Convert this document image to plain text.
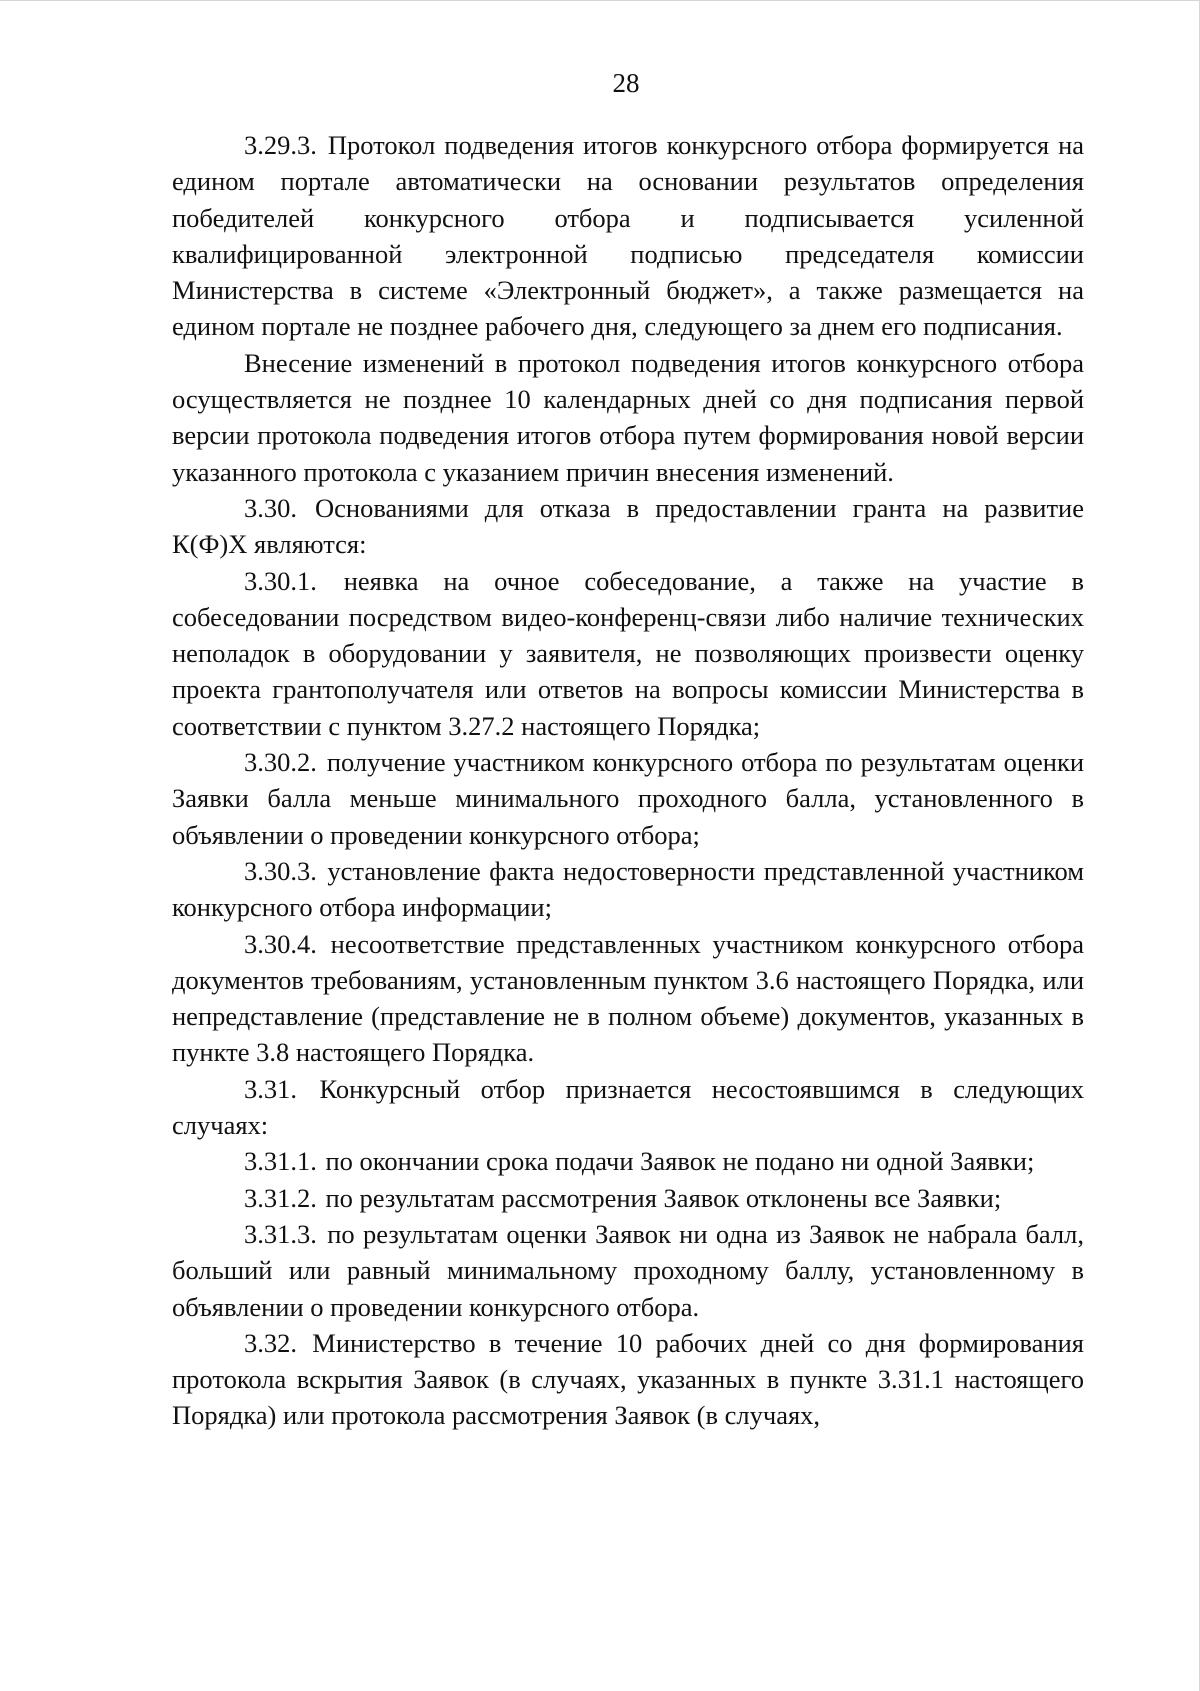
28

3.29.3. Протокол подведения итогов конкурсного отбора формируется на едином портале автоматически на основании результатов определения победителей конкурсного отбора и подписывается усиленной квалифицированной электронной подписью председателя комиссии Министерства в системе «Электронный бюджет», а также размещается на едином портале не позднее рабочего дня, следующего за днем его подписания.

Внесение изменений в протокол подведения итогов конкурсного отбора осуществляется не позднее 10 календарных дней со дня подписания первой версии протокола подведения итогов отбора путем формирования новой версии указанного протокола с указанием причин внесения изменений.

3.30. Основаниями для отказа в предоставлении гранта на развитие К(Ф)Х являются:

3.30.1. неявка на очное собеседование, а также на участие в собеседовании посредством видео-конференц-связи либо наличие технических неполадок в оборудовании у заявителя, не позволяющих произвести оценку проекта грантополучателя или ответов на вопросы комиссии Министерства в соответствии с пунктом 3.27.2 настоящего Порядка;

3.30.2. получение участником конкурсного отбора по результатам оценки Заявки балла меньше минимального проходного балла, установленного в объявлении о проведении конкурсного отбора;

3.30.3. установление факта недостоверности представленной участником конкурсного отбора информации;

3.30.4. несоответствие представленных участником конкурсного отбора документов требованиям, установленным пунктом 3.6 настоящего Порядка, или непредставление (представление не в полном объеме) документов, указанных в пункте 3.8 настоящего Порядка.

3.31. Конкурсный отбор признается несостоявшимся в следующих случаях:

3.31.1. по окончании срока подачи Заявок не подано ни одной Заявки;

3.31.2. по результатам рассмотрения Заявок отклонены все Заявки;

3.31.3. по результатам оценки Заявок ни одна из Заявок не набрала балл, больший или равный минимальному проходному баллу, установленному в объявлении о проведении конкурсного отбора.

3.32. Министерство в течение 10 рабочих дней со дня формирования протокола вскрытия Заявок (в случаях, указанных в пункте 3.31.1 настоящего Порядка) или протокола рассмотрения Заявок (в случаях,
